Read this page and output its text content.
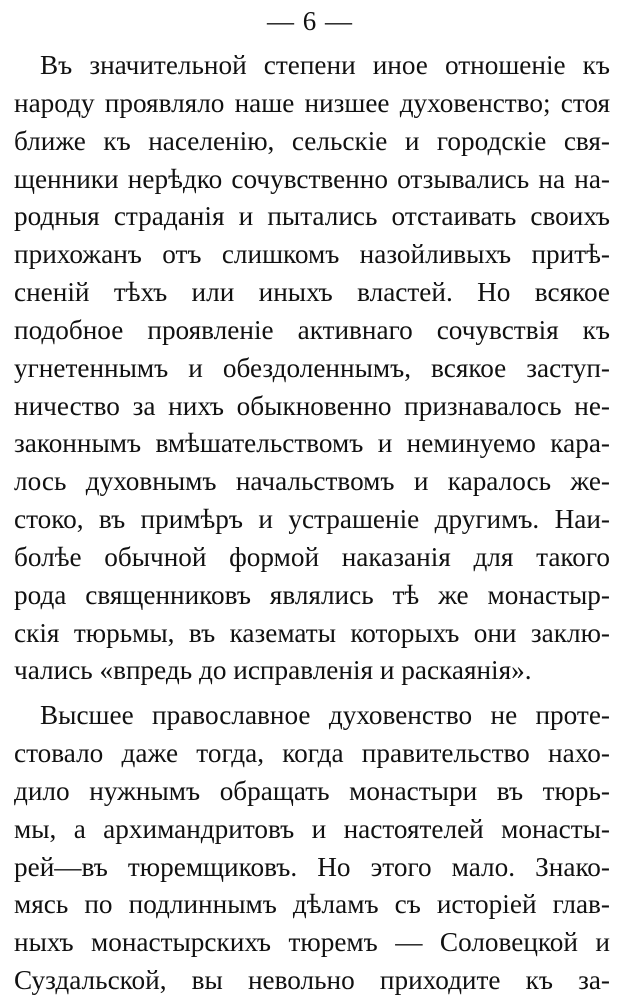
— 6 —
Въ значительной степени иное отношеніе къ
народу проявляло наше низшее духовенство; стоя
ближе къ населенію, сельскіе и городскіе свя-
щенники нерѣдко сочувственно отзывались на на-
родныя страданія и пытались отстаивать своихъ
прихожанъ отъ слишкомъ назойливыхъ притѣ-
сненій тѣхъ или иныхъ властей. Но всякое
подобное проявленіе активнаго сочувствія къ
угнетеннымъ и обездоленнымъ, всякое заступ-
ничество за нихъ обыкновенно признавалось не-
законнымъ вмѣшательствомъ и неминуемо кара-
лось духовнымъ начальствомъ и каралось же-
стоко, въ примѣръ и устрашеніе другимъ. Наи-
болѣе обычной формой наказанія для такого
рода священниковъ являлись тѣ же монастыр-
скія тюрьмы, въ казематы которыхъ они заклю-
чались «впредь до исправленія и раскаянія».
Высшее православное духовенство не проте-
стовало даже тогда, когда правительство нахо-
дило нужнымъ обращать монастыри въ тюрь-
мы, а архимандритовъ и настоятелей монасты-
рей—въ тюремщиковъ. Но этого мало. Знако-
мясь по подлиннымъ дѣламъ съ исторіей глав-
ныхъ монастырскихъ тюремъ — Соловецкой и
Суздальской, вы невольно приходите къ за-
